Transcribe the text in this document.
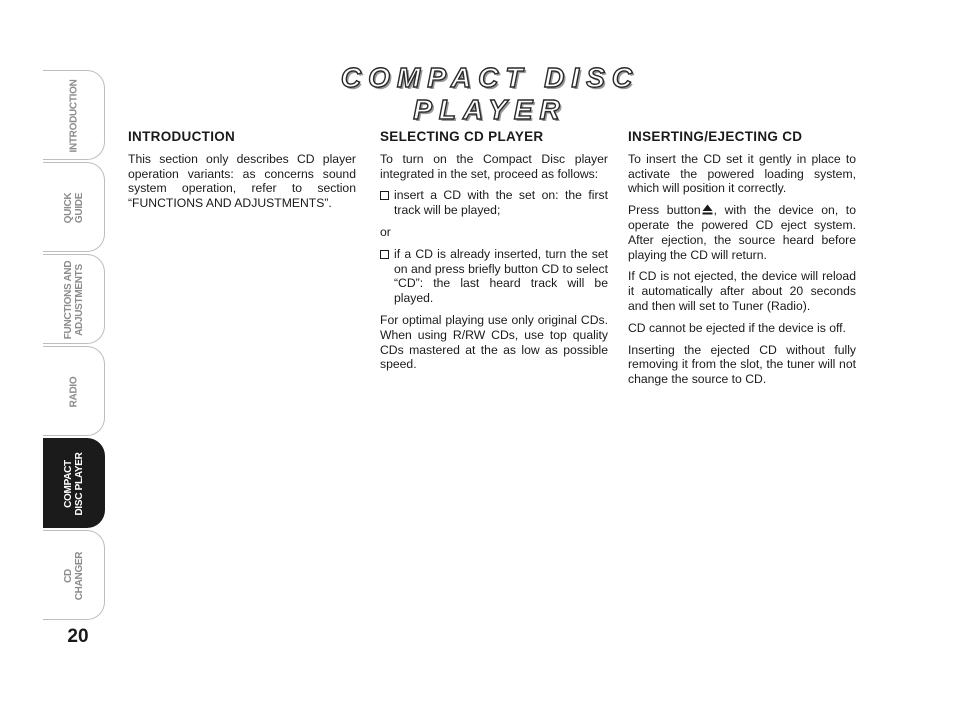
INTRODUCTION
QUICK
GUIDE
FUNCTIONS AND
ADJUSTMENTS
RADIO
COMPACT
DISC PLAYER
CD
CHANGER
20
COMPACT DISC PLAYER
INTRODUCTION
This section only describes CD player operation variants: as concerns sound system operation, refer to section “FUNCTIONS AND ADJUSTMENTS”.
SELECTING CD PLAYER
To turn on the Compact Disc player integrated in the set, proceed as follows:
insert a CD with the set on: the first track will be played;
or
if a CD is already inserted, turn the set on and press briefly button CD to select “CD”: the last heard track will be played.
For optimal playing use only original CDs. When using R/RW CDs, use top quality CDs mastered at the as low as possible speed.
INSERTING/EJECTING CD
To insert the CD set it gently in place to activate the powered loading system, which will position it correctly.
Press button , with the device on, to operate the powered CD eject system. After ejection, the source heard before playing the CD will return.
If CD is not ejected, the device will reload it automatically after about 20 seconds and then will set to Tuner (Radio).
CD cannot be ejected if the device is off.
Inserting the ejected CD without fully removing it from the slot, the tuner will not change the source to CD.
